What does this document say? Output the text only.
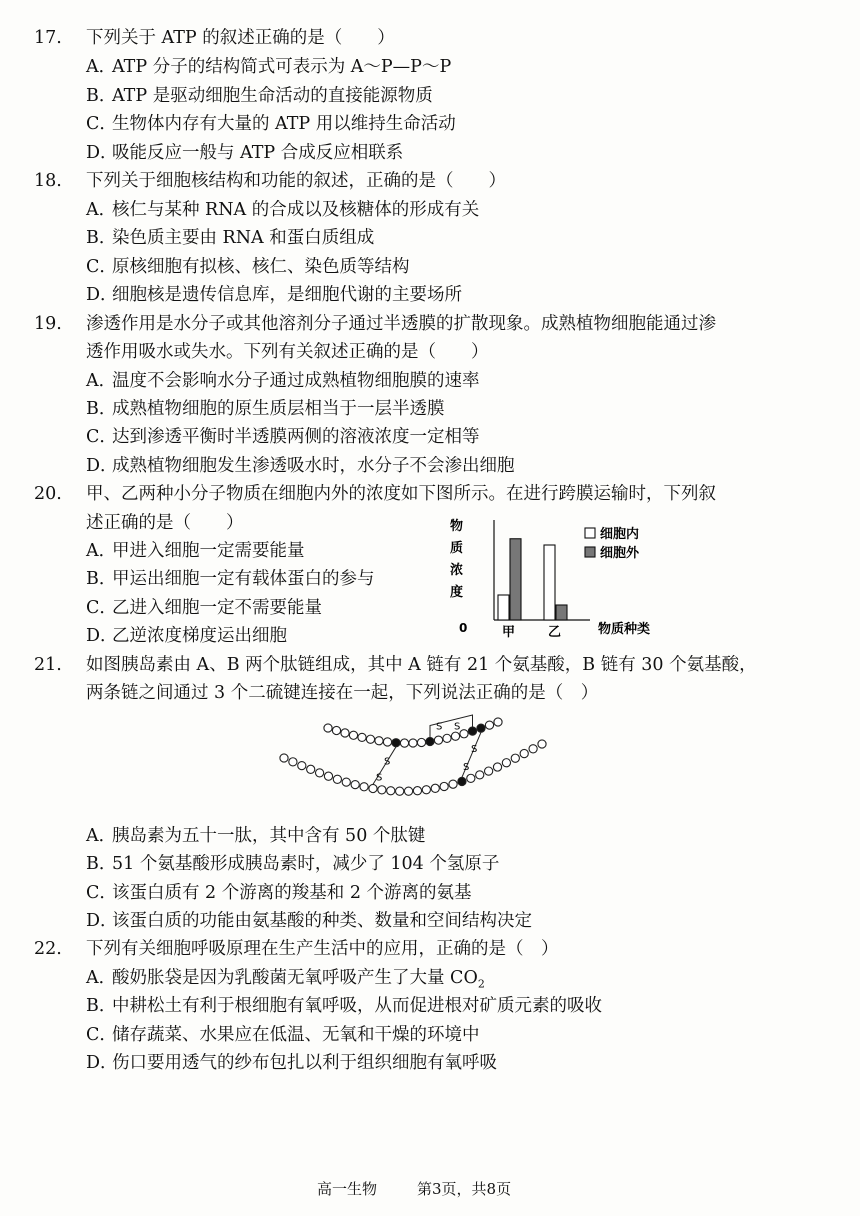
17. 下列关于 ATP 的叙述正确的是（　　）
A．ATP 分子的结构简式可表示为 A～P—P～P
B．ATP 是驱动细胞生命活动的直接能源物质
C．生物体内存有大量的 ATP 用以维持生命活动
D．吸能反应一般与 ATP 合成反应相联系
18. 下列关于细胞核结构和功能的叙述，正确的是（　　）
A．核仁与某种 RNA 的合成以及核糖体的形成有关
B．染色质主要由 RNA 和蛋白质组成
C．原核细胞有拟核、核仁、染色质等结构
D．细胞核是遗传信息库，是细胞代谢的主要场所
19. 渗透作用是水分子或其他溶剂分子通过半透膜的扩散现象。成熟植物细胞能通过渗
透作用吸水或失水。下列有关叙述正确的是（　　）
A．温度不会影响水分子通过成熟植物细胞膜的速率
B．成熟植物细胞的原生质层相当于一层半透膜
C．达到渗透平衡时半透膜两侧的溶液浓度一定相等
D．成熟植物细胞发生渗透吸水时，水分子不会渗出细胞
20. 甲、乙两种小分子物质在细胞内外的浓度如下图所示。在进行跨膜运输时，下列叙
述正确的是（　　）
A．甲进入细胞一定需要能量
B．甲运出细胞一定有载体蛋白的参与
C．乙进入细胞一定不需要能量
D．乙逆浓度梯度运出细胞
物
质
浓
度
0	甲	乙	物质种类
细胞内
细胞外
21. 如图胰岛素由 A、B 两个肽链组成，其中 A 链有 21 个氨基酸，B 链有 30 个氨基酸，
两条链之间通过 3 个二硫键连接在一起，下列说法正确的是（　）
S S
S
S
S
S
A．胰岛素为五十一肽，其中含有 50 个肽键
B．51 个氨基酸形成胰岛素时，减少了 104 个氢原子
C．该蛋白质有 2 个游离的羧基和 2 个游离的氨基
D．该蛋白质的功能由氨基酸的种类、数量和空间结构决定
22. 下列有关细胞呼吸原理在生产生活中的应用，正确的是（　）
A．酸奶胀袋是因为乳酸菌无氧呼吸产生了大量 $CO_2$
B．中耕松土有利于根细胞有氧呼吸，从而促进根对矿质元素的吸收
C．储存蔬菜、水果应在低温、无氧和干燥的环境中
D．伤口要用透气的纱布包扎以利于组织细胞有氧呼吸
高一生物	第3页，共8页
